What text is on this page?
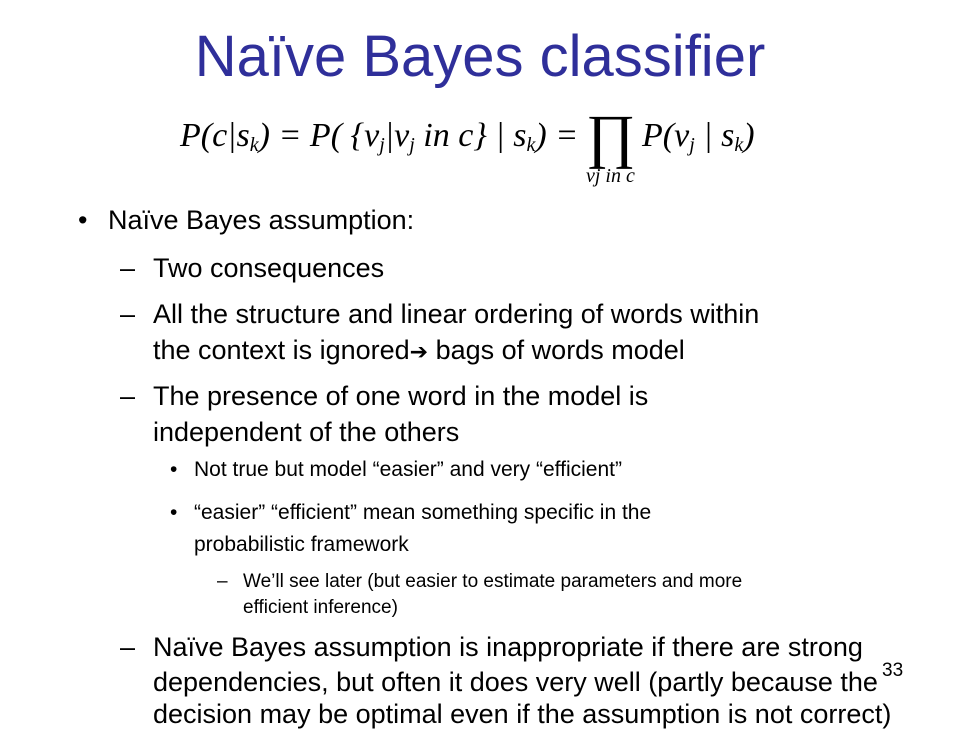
Naïve Bayes classifier
P(c|sk) = P( {vj|vj in c} | sk) = ∏
vj in c
P(vj | sk)
• Naïve Bayes assumption:
– Two consequences
– All the structure and linear ordering of words within
the context is ignored➔ bags of words model
– The presence of one word in the model is
independent of the others
• Not true but model “easier” and very “efficient”
• “easier” “efficient” mean something specific in the
probabilistic framework
– We’ll see later (but easier to estimate parameters and more
efficient inference)
– Naïve Bayes assumption is inappropriate if there are strong
dependencies, but often it does very well (partly because the
decision may be optimal even if the assumption is not correct)
33
